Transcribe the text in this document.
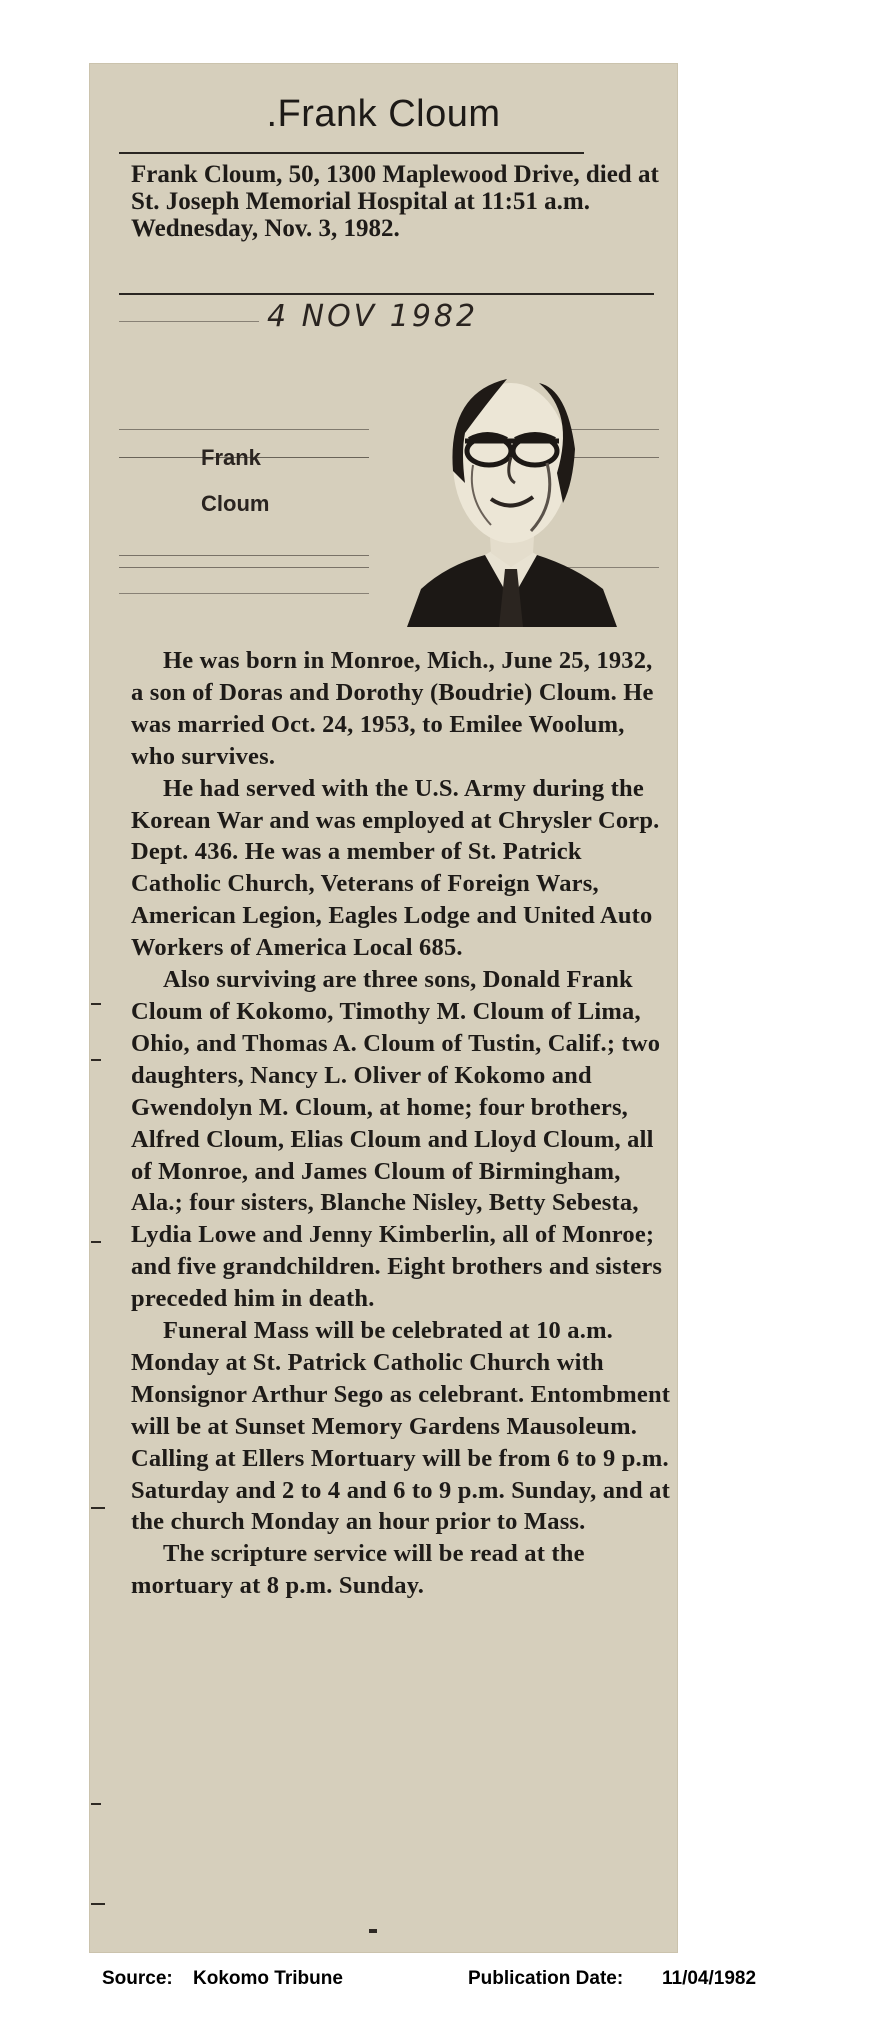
.Frank Cloum
Frank Cloum, 50, 1300 Maplewood Drive, died at St. Joseph Memorial Hospital at 11:51 a.m. Wednesday, Nov. 3, 1982.
4 NOV 1982
Frank
Cloum

He was born in Monroe, Mich., June 25, 1932, a son of Doras and Dorothy (Boudrie) Cloum. He was married Oct. 24, 1953, to Emilee Woolum, who survives.

He had served with the U.S. Army during the Korean War and was employed at Chrysler Corp. Dept. 436. He was a member of St. Patrick Catholic Church, Veterans of Foreign Wars, American Legion, Eagles Lodge and United Auto Workers of America Local 685.

Also surviving are three sons, Donald Frank Cloum of Kokomo, Timothy M. Cloum of Lima, Ohio, and Thomas A. Cloum of Tustin, Calif.; two daughters, Nancy L. Oliver of Kokomo and Gwendolyn M. Cloum, at home; four brothers, Alfred Cloum, Elias Cloum and Lloyd Cloum, all of Monroe, and James Cloum of Birmingham, Ala.; four sisters, Blanche Nisley, Betty Sebesta, Lydia Lowe and Jenny Kimberlin, all of Monroe; and five grandchildren. Eight brothers and sisters preceded him in death.

Funeral Mass will be celebrated at 10 a.m. Monday at St. Patrick Catholic Church with Monsignor Arthur Sego as celebrant. Entombment will be at Sunset Memory Gardens Mausoleum. Calling at Ellers Mortuary will be from 6 to 9 p.m. Saturday and 2 to 4 and 6 to 9 p.m. Sunday, and at the church Monday an hour prior to Mass.

The scripture service will be read at the mortuary at 8 p.m. Sunday.

Source: Kokomo Tribune	Publication Date: 11/04/1982
